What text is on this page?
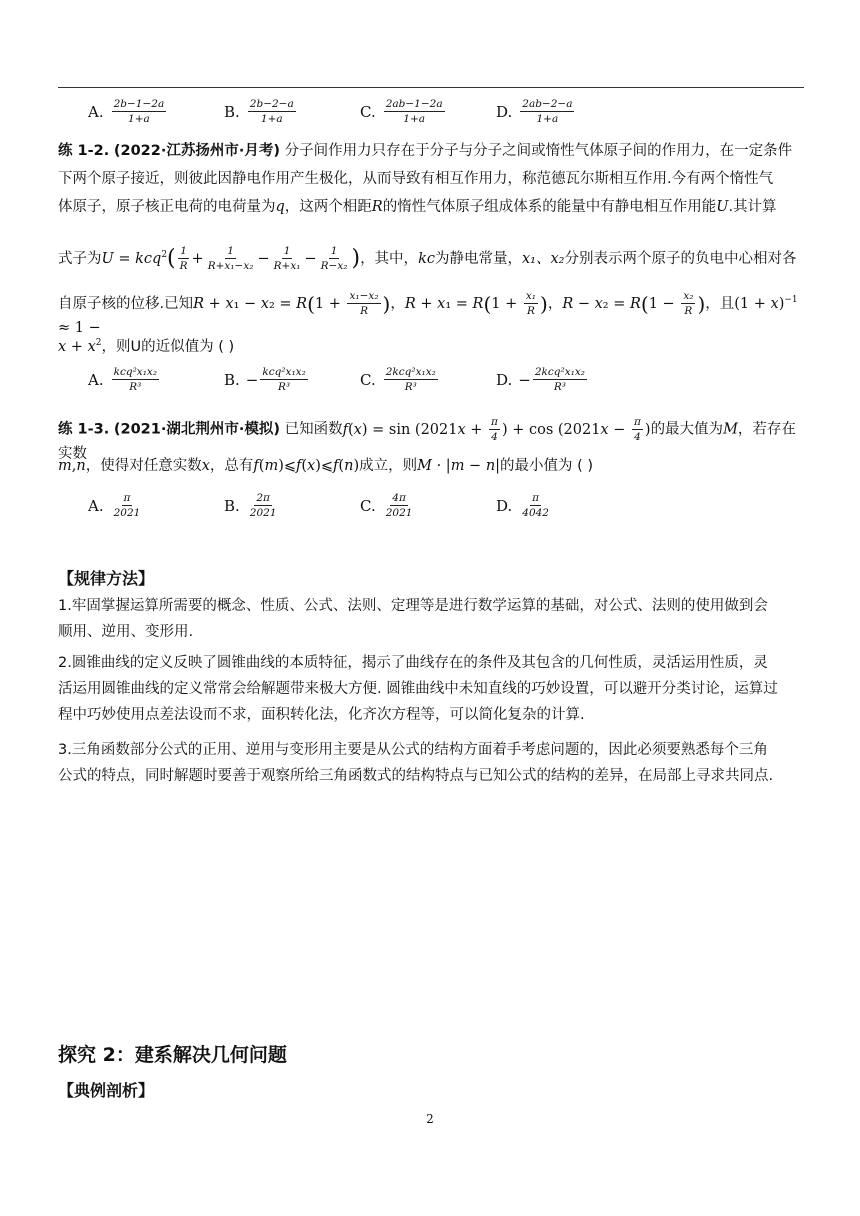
A. $\frac{2b-1-2a}{1+a}$	B. $\frac{2b-2-a}{1+a}$	C. $\frac{2ab-1-2a}{1+a}$	D. $\frac{2ab-2-a}{1+a}$
练 1-2. (2022·江苏扬州市·月考) 分子间作用力只存在于分子与分子之间或惰性气体原子间的作用力，在一定条件
下两个原子接近，则彼此因静电作用产生极化，从而导致有相互作用力，称范德瓦尔斯相互作用.今有两个惰性气
体原子，原子核正电荷的电荷量为q，这两个相距R的惰性气体原子组成体系的能量中有静电相互作用能U.其计算
式子为$U = kcq^2( \frac{1}{R} + \frac{1}{\text{R+x₁−x₂}} - \frac{1}{\text{R+x₁}} - \frac{1}{\text{R−x₂}}$ )，其中，kc为静电常量，x₁、x₂分别表示两个原子的负电中心相对各
自原子核的位移.已知$R + x_1 - x_2 = R(1 + \frac{\text{x₁−x₂}}{R}$ )，$R + x_1 = R(1 + \frac{\text{x₁}}{R}$ )，$R - x_2 = R(1 - \frac{\text{x₂}}{R}$ )，且$(1 + x)^{-1} \approx 1$ −
$x + x^2$，则U的近似值为 ( )
A. $\frac{\text{kcq²x₁x₂}}{\text{R³}}$	B. − $\frac{\text{kcq²x₁x₂}}{\text{R³}}$	C. $\frac{\text{2kcq²x₁x₂}}{\text{R³}}$	D. − $\frac{\text{2kcq²x₁x₂}}{\text{R³}}$
练 1-3. (2021·湖北荆州市·模拟) 已知函数$f(x) = \sin (2021x + \frac{\pi}{4}$ ) + $\cos (2021x - \frac{\pi}{4}$ )的最大值为M，若存在实数
m,n，使得对任意实数x，总有f(m)⩽f(x)⩽f(n)成立，则M · |m − n|的最小值为 ( )
A. $\frac{\pi}{2021}$	B. $\frac{2\pi}{2021}$	C. $\frac{4\pi}{2021}$	D. $\frac{\pi}{4042}$
【规律方法】
1.牢固掌握运算所需要的概念、性质、公式、法则、定理等是进行数学运算的基础，对公式、法则的使用做到会
顺用、逆用、变形用.
2.圆锥曲线的定义反映了圆锥曲线的本质特征，揭示了曲线存在的条件及其包含的几何性质，灵活运用性质，灵
活运用圆锥曲线的定义常常会给解题带来极大方便. 圆锥曲线中未知直线的巧妙设置，可以避开分类讨论，运算过
程中巧妙使用点差法设而不求，面积转化法，化齐次方程等，可以简化复杂的计算.
3.三角函数部分公式的正用、逆用与变形用主要是从公式的结构方面着手考虑问题的，因此必须要熟悉每个三角
公式的特点，同时解题时要善于观察所给三角函数式的结构特点与已知公式的结构的差异，在局部上寻求共同点.
探究 2：建系解决几何问题
【典例剖析】
2
